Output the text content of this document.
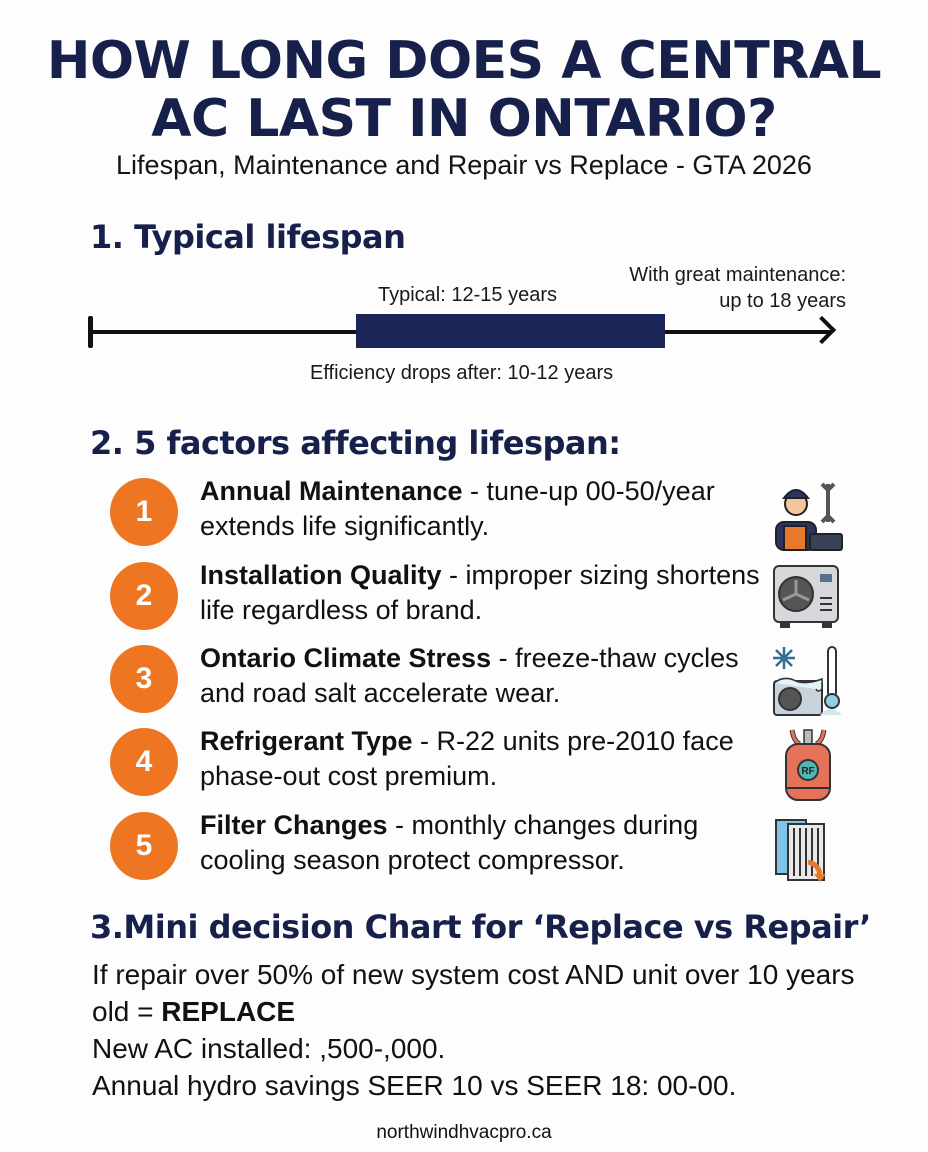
HOW LONG DOES A CENTRAL
AC LAST IN ONTARIO?
Lifespan, Maintenance and Repair vs Replace - GTA 2026
1. Typical lifespan
Typical: 12-15 years
With great maintenance:
up to 18 years
Efficiency drops after: 10-12 years
2. 5 factors affecting lifespan:
1
Annual Maintenance - tune-up 00-50/year extends life significantly.
2
Installation Quality - improper sizing shortens life regardless of brand.
3
Ontario Climate Stress - freeze-thaw cycles and road salt accelerate wear.
4
Refrigerant Type - R-22 units pre-2010 face phase-out cost premium.	RF
5
Filter Changes - monthly changes during cooling season protect compressor.
3.Mini decision Chart for ‘Replace vs Repair’
If repair over 50% of new system cost AND unit over 10 years old = REPLACE
New AC installed: ,500-,000.
Annual hydro savings SEER 10 vs SEER 18: 00-00.
northwindhvacpro.ca
